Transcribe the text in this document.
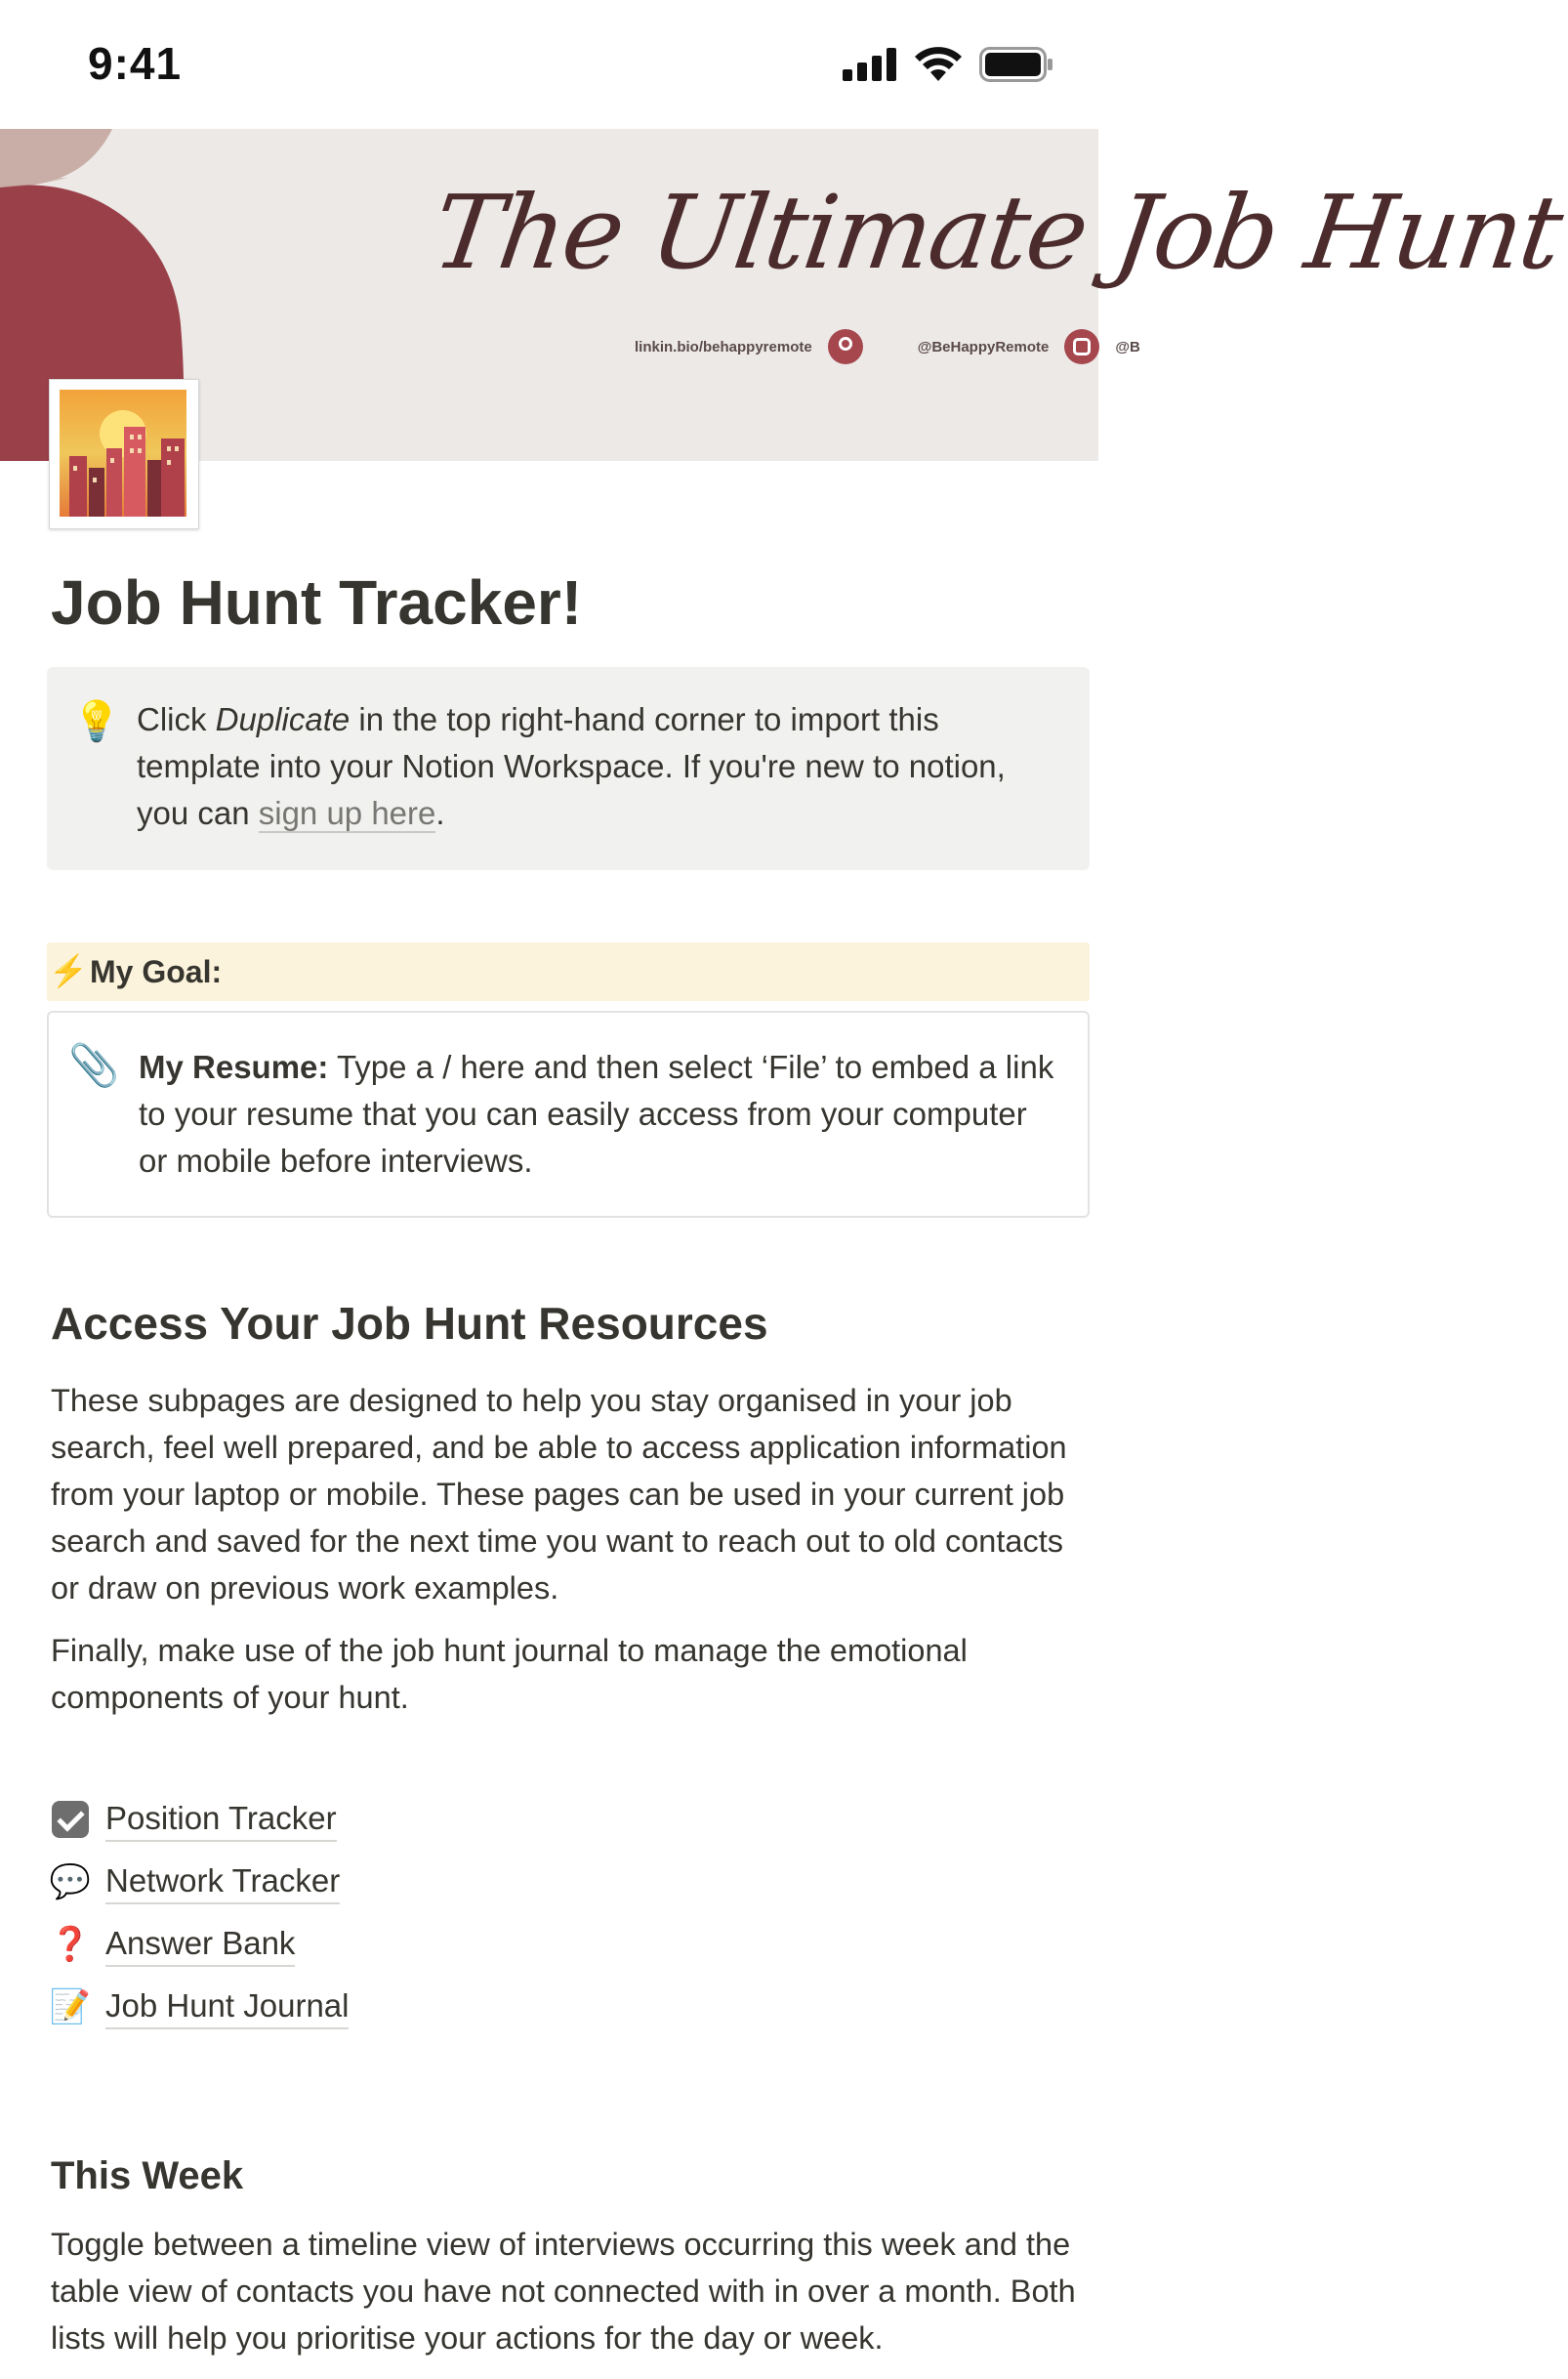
9:41
The Ultimate Job Hunt
linkin.bio/behappyremote	@BeHappyRemote	@B
Job Hunt Tracker!
💡 Click Duplicate in the top right-hand corner to import this template into your Notion Workspace. If you're new to notion, you can sign up here.
⚡ My Goal:
📎 My Resume: Type a / here and then select ‘File’ to embed a link to your resume that you can easily access from your computer or mobile before interviews.
Access Your Job Hunt Resources

These subpages are designed to help you stay organised in your job search, feel well prepared, and be able to access application information from your laptop or mobile. These pages can be used in your current job search and saved for the next time you want to reach out to old contacts or draw on previous work examples.

Finally, make use of the job hunt journal to manage the emotional components of your hunt.

Position Tracker
💬 Network Tracker
❓ Answer Bank
📝 Job Hunt Journal
This Week

Toggle between a timeline view of interviews occurring this week and the table view of contacts you have not connected with in over a month. Both lists will help you prioritise your actions for the day or week.
